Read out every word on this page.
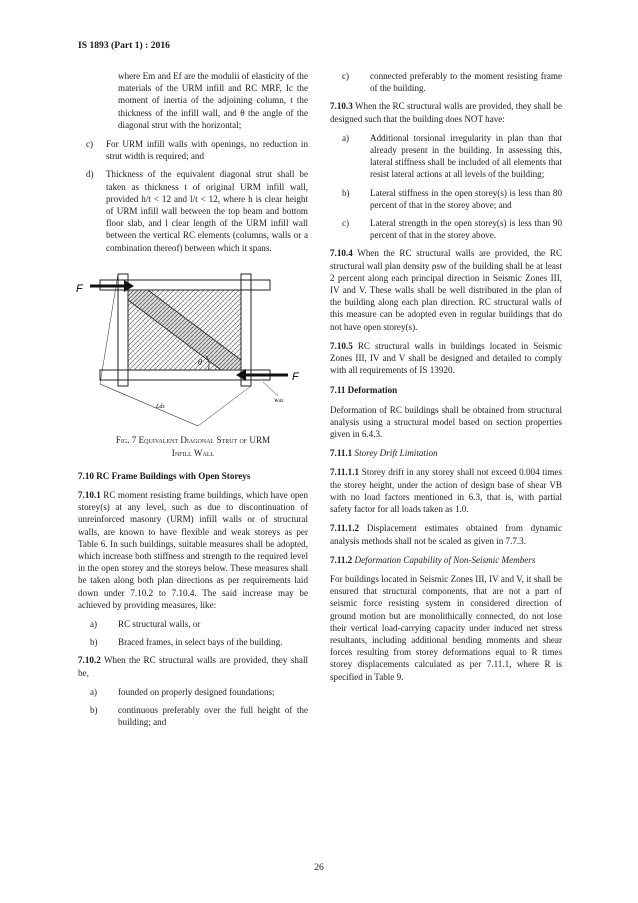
IS 1893 (Part 1) : 2016

where Em and Ef are the modulii of elasticity of the materials of the URM infill and RC MRF, Ic the moment of inertia of the adjoining column, t the thickness of the infill wall, and θ the angle of the diagonal strut with the horizontal;

c)	For URM infill walls with openings, no reduction in strut width is required; and
d)	Thickness of the equivalent diagonal strut shall be taken as thickness t of original URM infill wall, provided h/t < 12 and l/t < 12, where h is clear height of URM infill wall between the top beam and bottom floor slab, and l clear length of the URM infill wall between the vertical RC elements (columns, walls or a combination thereof) between which it spans.
θ
F
F
Lds
Wds
Fig. 7 Equivalent Diagonal Strut of URM
Infill Wall
7.10 RC Frame Buildings with Open Storeys

7.10.1 RC moment resisting frame buildings, which have open storey(s) at any level, such as due to discontinuation of unreinforced masonry (URM) infill walls or of structural walls, are known to have flexible and weak storeys as per Table 6. In such buildings, suitable measures shall be adopted, which increase both stiffness and strength to the required level in the open storey and the storeys below. These measures shall be taken along both plan directions as per requirements laid down under 7.10.2 to 7.10.4. The said increase may be achieved by providing measures, like:

a)	RC structural walls, or
b)	Braced frames, in select bays of the building.

7.10.2 When the RC structural walls are provided, they shall be,

a)	founded on properly designed foundations;
b)	continuous preferably over the full height of the building; and
c)	connected preferably to the moment resisting frame of the building.

7.10.3 When the RC structural walls are provided, they shall be designed such that the building does NOT have:

a)	Additional torsional irregularity in plan than that already present in the building. In assessing this, lateral stiffness shall be included of all elements that resist lateral actions at all levels of the building;
b)	Lateral stiffness in the open storey(s) is less than 80 percent of that in the storey above; and
c)	Lateral strength in the open storey(s) is less than 90 percent of that in the storey above.

7.10.4 When the RC structural walls are provided, the RC structural wall plan density ρsw of the building shall be at least 2 percent along each principal direction in Seismic Zones III, IV and V. These walls shall be well distributed in the plan of the building along each plan direction. RC structural walls of this measure can be adopted even in regular buildings that do not have open storey(s).

7.10.5 RC structural walls in buildings located in Seismic Zones III, IV and V shall be designed and detailed to comply with all requirements of IS 13920.

7.11 Deformation

Deformation of RC buildings shall be obtained from structural analysis using a structural model based on section properties given in 6.4.3.

7.11.1 Storey Drift Limitation

7.11.1.1 Storey drift in any storey shall not exceed 0.004 times the storey height, under the action of design base of shear VB with no load factors mentioned in 6.3, that is, with partial safety factor for all loads taken as 1.0.

7.11.1.2 Displacement estimates obtained from dynamic analysis methods shall not be scaled as given in 7.7.3.

7.11.2 Deformation Capability of Non-Seismic Members

For buildings located in Seismic Zones III, IV and V, it shall be ensured that structural components, that are not a part of seismic force resisting system in considered direction of ground motion but are monolithically connected, do not lose their vertical load-carrying capacity under induced net stress resultants, including additional bending moments and shear forces resulting from storey deformations equal to R times storey displacements calculated as per 7.11.1, where R is specified in Table 9.

26
